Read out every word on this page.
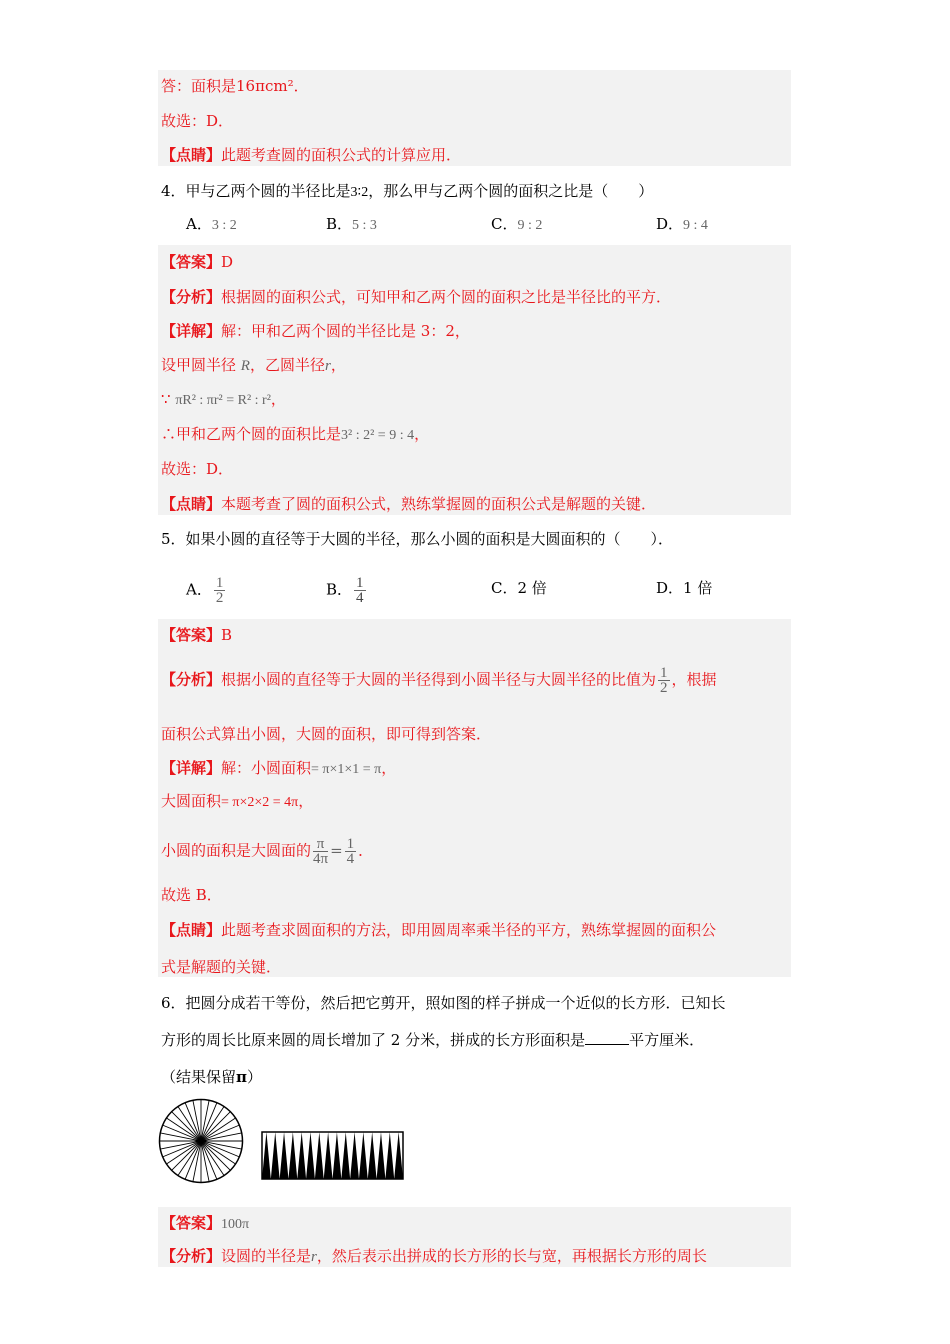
答：面积是16πcm²．
故选：D．
【点睛】此题考查圆的面积公式的计算应用．
4．甲与乙两个圆的半径比是3∶2，那么甲与乙两个圆的面积之比是（　　）
A．3 : 2	B．5 : 3	C．9 : 2	D．9 : 4
【答案】D
【分析】根据圆的面积公式，可知甲和乙两个圆的面积之比是半径比的平方．
【详解】解：甲和乙两个圆的半径比是 3：2，
设甲圆半径 R，乙圆半径r，
∵ πR² : πr² = R² : r²，
∴甲和乙两个圆的面积比是3² : 2² = 9 : 4，
故选：D．
【点睛】本题考查了圆的面积公式，熟练掌握圆的面积公式是解题的关键．
5．如果小圆的直径等于大圆的半径，那么小圆的面积是大圆面积的（　　）．
A． $\frac{1}{2}$	B． $\frac{1}{4}$	C．2 倍	D．1 倍
【答案】B
【分析】根据小圆的直径等于大圆的半径得到小圆半径与大圆半径的比值为 $\frac{1}{2}$ ，根据
面积公式算出小圆，大圆的面积，即可得到答案．
【详解】解：小圆面积= π×1×1 = π，
大圆面积= π×2×2 = 4π，
小圆的面积是大圆面的 $\frac{\pi}{4\pi} = \frac{1}{4}$ ．
故选 B．
【点睛】此题考查求圆面积的方法，即用圆周率乘半径的平方，熟练掌握圆的面积公
式是解题的关键．
6．把圆分成若干等份，然后把它剪开，照如图的样子拼成一个近似的长方形．已知长
方形的周长比原来圆的周长增加了 2 分米，拼成的长方形面积是	平方厘米．
（结果保留π）
【答案】100π
【分析】设圆的半径是r，然后表示出拼成的长方形的长与宽，再根据长方形的周长
